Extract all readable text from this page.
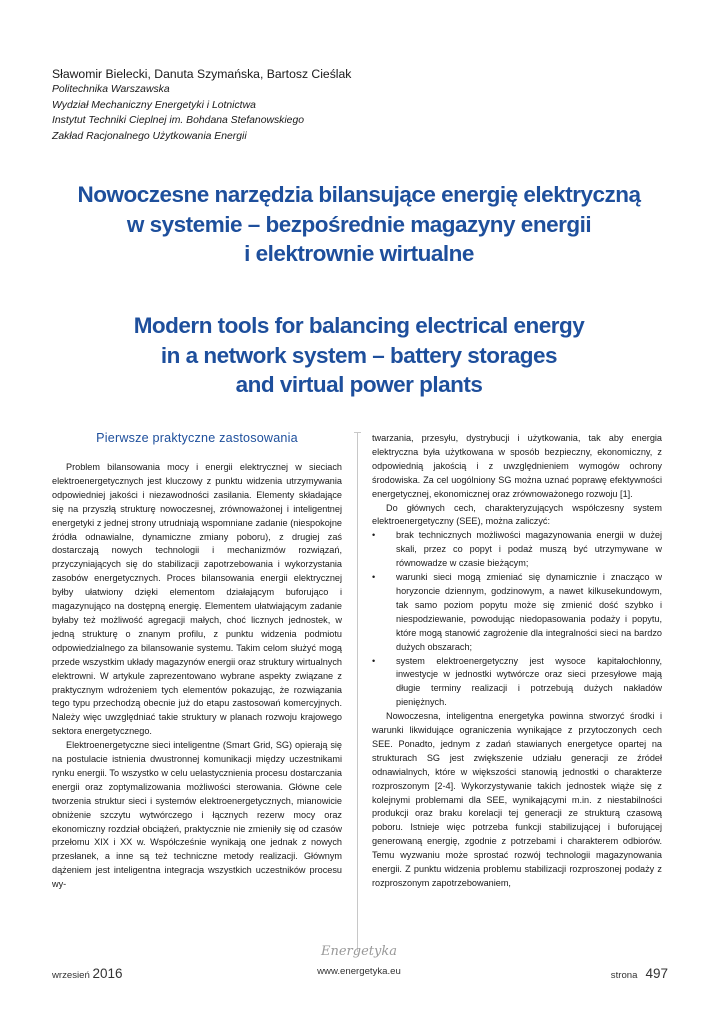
Sławomir Bielecki, Danuta Szymańska, Bartosz Cieślak
Politechnika Warszawska
Wydział Mechaniczny Energetyki i Lotnictwa
Instytut Techniki Cieplnej im. Bohdana Stefanowskiego
Zakład Racjonalnego Użytkowania Energii
Nowoczesne narzędzia bilansujące energię elektryczną
w systemie – bezpośrednie magazyny energii
i elektrownie wirtualne
Modern tools for balancing electrical energy
in a network system – battery storages
and virtual power plants
Pierwsze praktyczne zastosowania

Problem bilansowania mocy i energii elektrycznej w sieciach elektroenergetycznych jest kluczowy z punktu widzenia utrzymywania odpowiedniej jakości i niezawodności zasilania. Elementy składające się na przyszłą strukturę nowoczesnej, zrównoważonej i inteligentnej energetyki z jednej strony utrudniają wspomniane zadanie (niespokojne źródła odnawialne, dynamiczne zmiany poboru), z drugiej zaś dostarczają nowych technologii i mechanizmów rozwiązań, przyczyniających się do stabilizacji zapotrzebowania i wykorzystania zasobów energetycznych. Proces bilansowania energii elektrycznej byłby ułatwiony dzięki elementom działającym buforująco i magazynująco na dostępną energię. Elementem ułatwiającym zadanie byłaby też możliwość agregacji małych, choć licznych jednostek, w jedną strukturę o znanym profilu, z punktu widzenia podmiotu odpowiedzialnego za bilansowanie systemu. Takim celom służyć mogą przede wszystkim układy magazynów energii oraz struktury wirtualnych elektrowni. W artykule zaprezentowano wybrane aspekty związane z praktycznym wdrożeniem tych elementów pokazując, że rozwiązania tego typu przechodzą obecnie już do etapu zastosowań komercyjnych. Należy więc uwzględniać takie struktury w planach rozwoju krajowego sektora energetycznego.

Elektroenergetyczne sieci inteligentne (Smart Grid, SG) opierają się na postulacie istnienia dwustronnej komunikacji między uczestnikami rynku energii. To wszystko w celu uelastycznienia procesu dostarczania energii oraz zoptymalizowania możliwości sterowania. Główne cele tworzenia struktur sieci i systemów elektroenergetycznych, mianowicie obniżenie szczytu wytwórczego i łącznych rezerw mocy oraz ekonomiczny rozdział obciążeń, praktycznie nie zmieniły się od czasów przełomu XIX i XX w. Współcześnie wynikają one jednak z nowych przesłanek, a inne są też techniczne metody realizacji. Głównym dążeniem jest inteligentna integracja wszystkich uczestników procesu wy-

twarzania, przesyłu, dystrybucji i użytkowania, tak aby energia elektryczna była użytkowana w sposób bezpieczny, ekonomiczny, z odpowiednią jakością i z uwzględnieniem wymogów ochrony środowiska. Za cel uogólniony SG można uznać poprawę efektywności energetycznej, ekonomicznej oraz zrównoważonego rozwoju [1].

Do głównych cech, charakteryzujących współczesny system elektroenergetyczny (SEE), można zaliczyć:

• brak technicznych możliwości magazynowania energii w dużej skali, przez co popyt i podaż muszą być utrzymywane w równowadze w czasie bieżącym;
• warunki sieci mogą zmieniać się dynamicznie i znacząco w horyzoncie dziennym, godzinowym, a nawet kilkusekundowym, tak samo poziom popytu może się zmienić dość szybko i niespodziewanie, powodując niedopasowania podaży i popytu, które mogą stanowić zagrożenie dla integralności sieci na bardzo dużych obszarach;
• system elektroenergetyczny jest wysoce kapitałochłonny, inwestycje w jednostki wytwórcze oraz sieci przesyłowe mają długie terminy realizacji i potrzebują dużych nakładów pieniężnych.

Nowoczesna, inteligentna energetyka powinna stworzyć środki i warunki likwidujące ograniczenia wynikające z przytoczonych cech SEE. Ponadto, jednym z zadań stawianych energetyce opartej na strukturach SG jest zwiększenie udziału generacji ze źródeł odnawialnych, które w większości stanowią jednostki o charakterze rozproszonym [2-4]. Wykorzystywanie takich jednostek wiąże się z kolejnymi problemami dla SEE, wynikającymi m.in. z niestabilności produkcji oraz braku korelacji tej generacji ze strukturą czasową poboru. Istnieje więc potrzeba funkcji stabilizującej i buforującej generowaną energię, zgodnie z potrzebami i charakterem odbiorów. Temu wyzwaniu może sprostać rozwój technologii magazynowania energii. Z punktu widzenia problemu stabilizacji rozproszonej podaży z rozproszonym zapotrzebowaniem,

Energetyka
wrzesień 2016	www.energetyka.eu	strona 497
